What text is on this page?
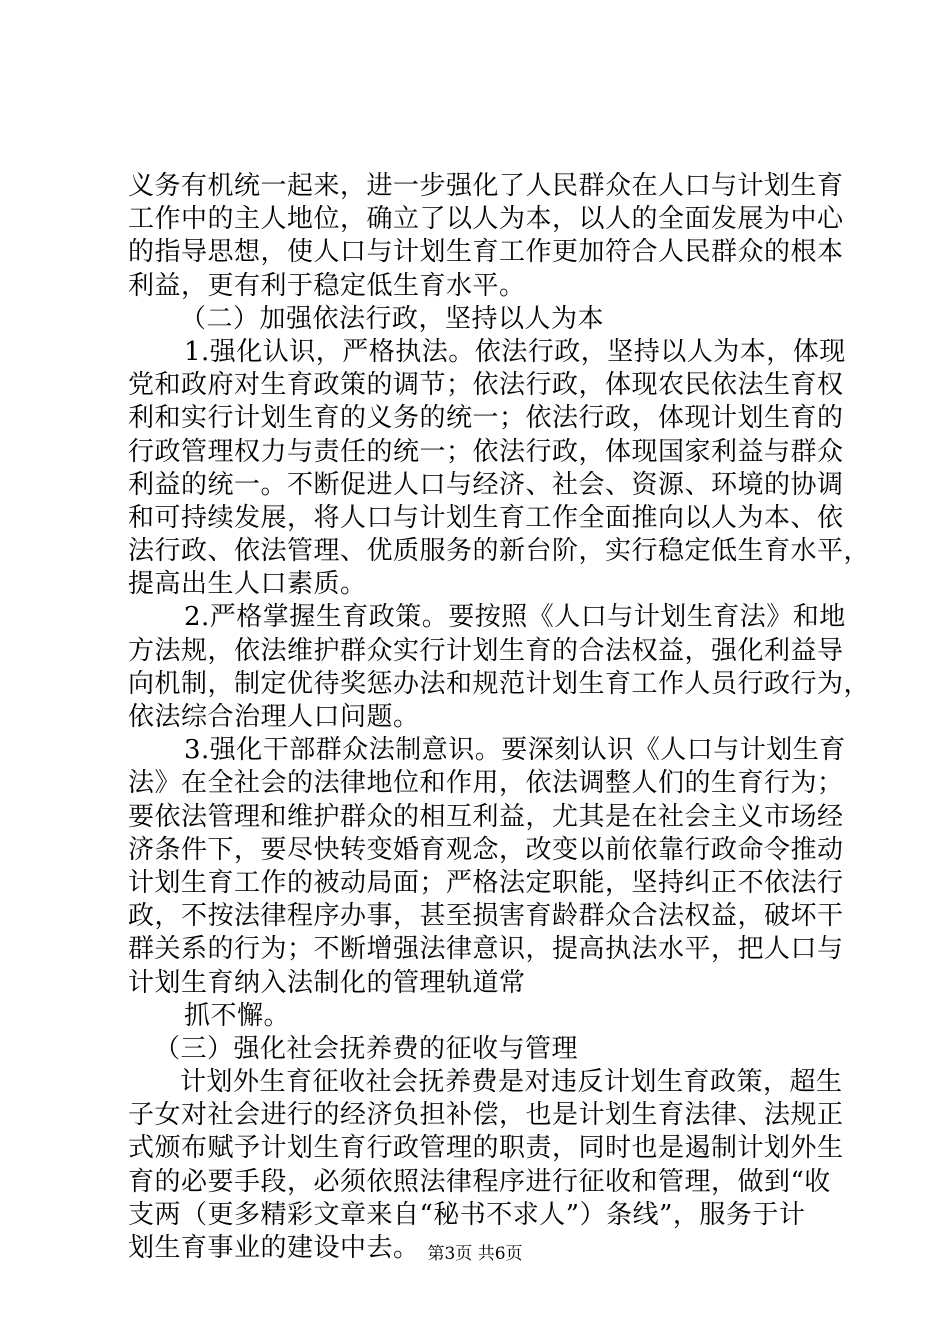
义务有机统一起来，进一步强化了人民群众在人口与计划生育
工作中的主人地位，确立了以人为本，以人的全面发展为中心
的指导思想，使人口与计划生育工作更加符合人民群众的根本
利益，更有利于稳定低生育水平。
（二）加强依法行政，坚持以人为本
1.强化认识，严格执法。依法行政，坚持以人为本，体现
党和政府对生育政策的调节；依法行政，体现农民依法生育权
利和实行计划生育的义务的统一；依法行政，体现计划生育的
行政管理权力与责任的统一；依法行政，体现国家利益与群众
利益的统一。不断促进人口与经济、社会、资源、环境的协调
和可持续发展，将人口与计划生育工作全面推向以人为本、依
法行政、依法管理、优质服务的新台阶，实行稳定低生育水平，
提高出生人口素质。
2.严格掌握生育政策。要按照《人口与计划生育法》和地
方法规，依法维护群众实行计划生育的合法权益，强化利益导
向机制，制定优待奖惩办法和规范计划生育工作人员行政行为，
依法综合治理人口问题。
3.强化干部群众法制意识。要深刻认识《人口与计划生育
法》在全社会的法律地位和作用，依法调整人们的生育行为；
要依法管理和维护群众的相互利益，尤其是在社会主义市场经
济条件下，要尽快转变婚育观念，改变以前依靠行政命令推动
计划生育工作的被动局面；严格法定职能，坚持纠正不依法行
政，不按法律程序办事，甚至损害育龄群众合法权益，破坏干
群关系的行为；不断增强法律意识，提高执法水平，把人口与
计划生育纳入法制化的管理轨道常
抓不懈。
（三）强化社会抚养费的征收与管理
计划外生育征收社会抚养费是对违反计划生育政策，超生
子女对社会进行的经济负担补偿，也是计划生育法律、法规正
式颁布赋予计划生育行政管理的职责，同时也是遏制计划外生
育的必要手段，必须依照法律程序进行征收和管理，做到“收
支两（更多精彩文章来自“秘书不求人”）条线”，服务于计
划生育事业的建设中去。 第3页 共6页
